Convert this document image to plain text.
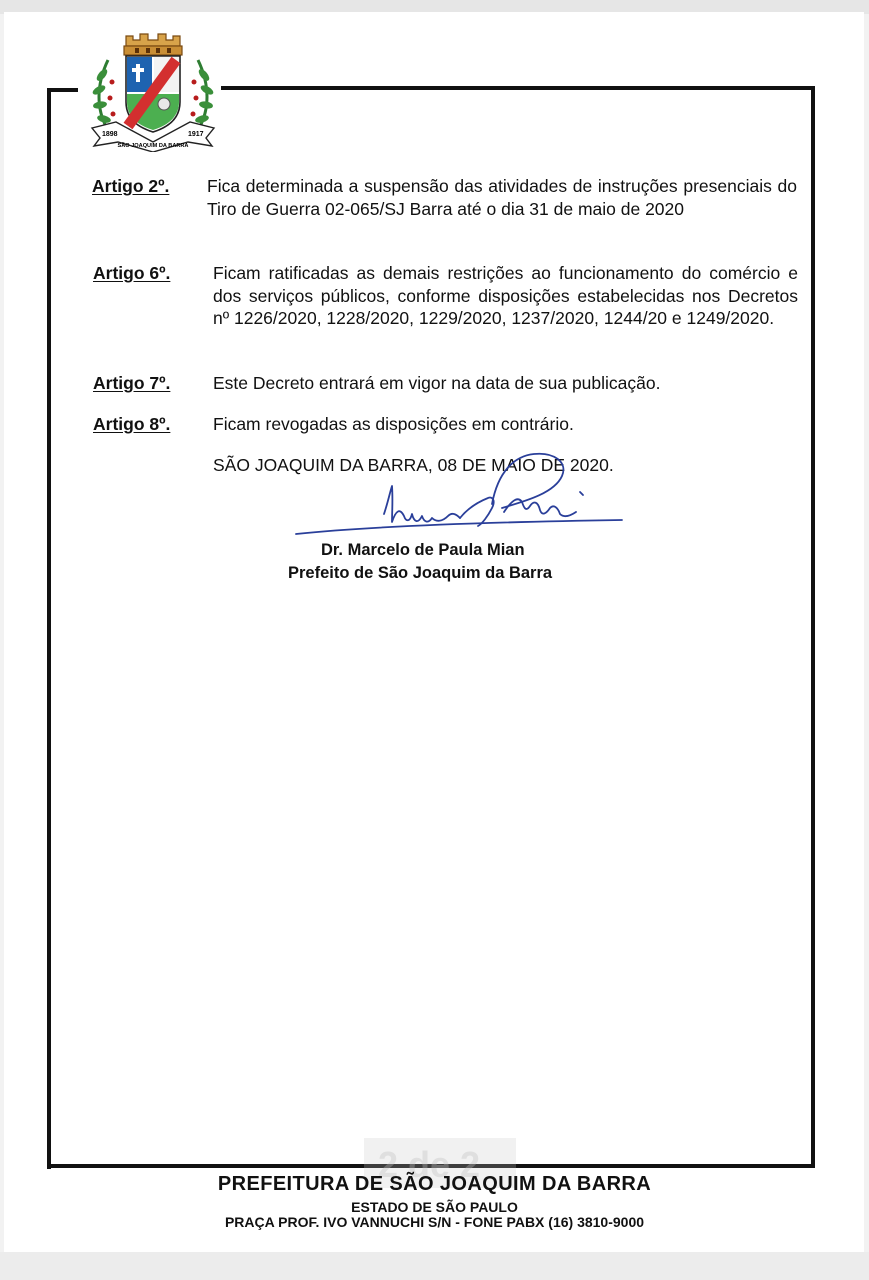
1898	1917
SÃO JOAQUIM DA BARRA
Artigo 2º. Fica determinada a suspensão das atividades de instruções presenciais do Tiro de Guerra 02-065/SJ Barra até o dia 31 de maio de 2020
Artigo 6º. Ficam ratificadas as demais restrições ao funcionamento do comércio e dos serviços públicos, conforme disposições estabelecidas nos Decretos nº 1226/2020, 1228/2020, 1229/2020, 1237/2020, 1244/20 e 1249/2020.
Artigo 7º. Este Decreto entrará em vigor na data de sua publicação.
Artigo 8º. Ficam revogadas as disposições em contrário.
SÃO JOAQUIM DA BARRA, 08 DE MAIO DE 2020.
Dr. Marcelo de Paula Mian
Prefeito de São Joaquim da Barra
2 de 2
PREFEITURA DE SÃO JOAQUIM DA BARRA
ESTADO DE SÃO PAULO
PRAÇA PROF. IVO VANNUCHI S/N - FONE PABX (16) 3810-9000
